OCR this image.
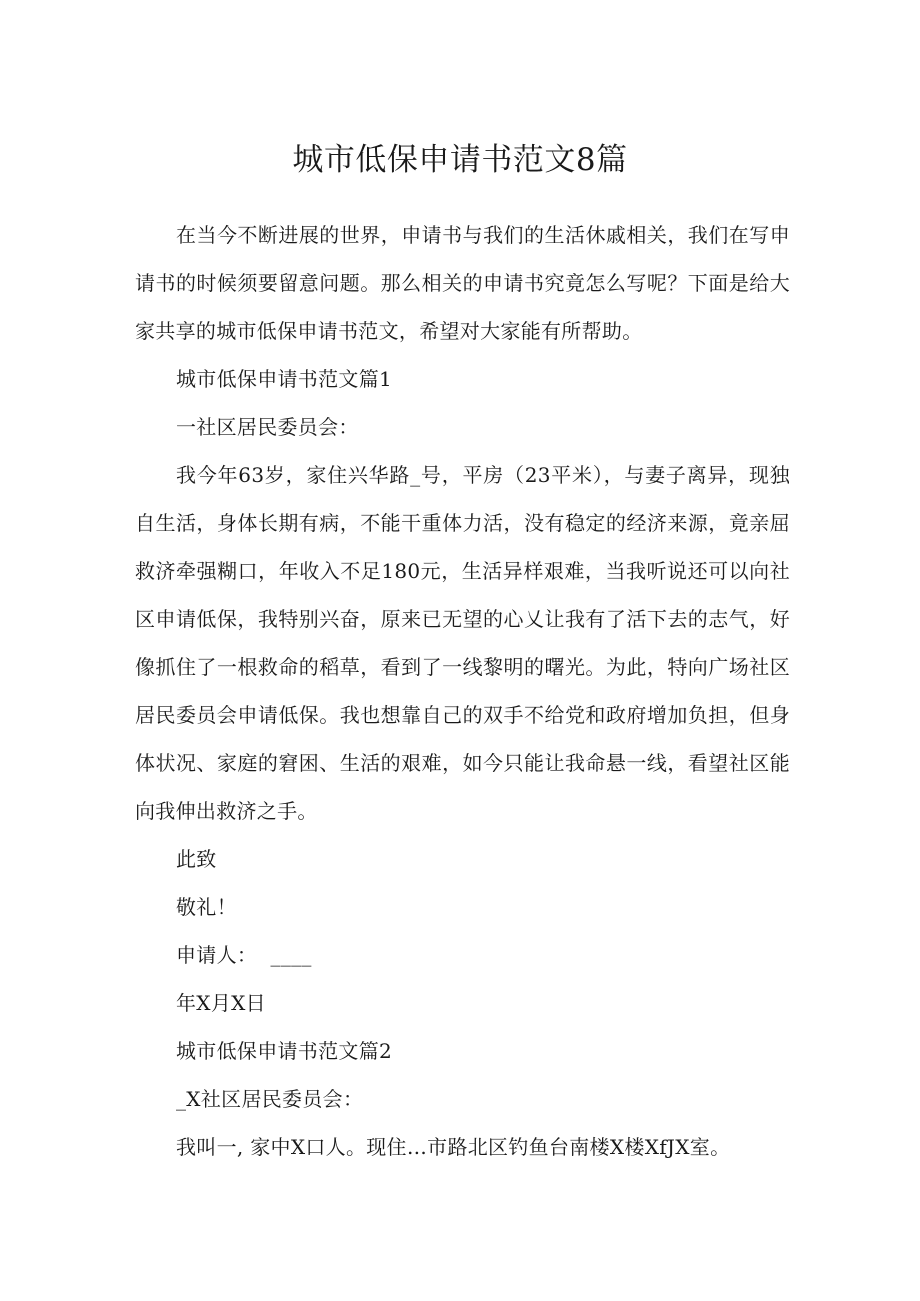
城市低保申请书范文8篇

在当今不断进展的世界，申请书与我们的生活休戚相关，我们在写申请书的时候须要留意问题。那么相关的申请书究竟怎么写呢？下面是给大家共享的城市低保申请书范文，希望对大家能有所帮助。

城市低保申请书范文篇1

一社区居民委员会：

我今年63岁，家住兴华路_号，平房（23平米），与妻子离异，现独自生活，身体长期有病，不能干重体力活，没有稳定的经济来源，竟亲屈救济牵强糊口，年收入不足180元，生活异样艰难，当我听说还可以向社区申请低保，我特别兴奋，原来已无望的心乂让我有了活下去的志气，好像抓住了一根救命的稻草，看到了一线黎明的曙光。为此，特向广场社区居民委员会申请低保。我也想靠自己的双手不给党和政府增加负担，但身体状况、家庭的窘困、生活的艰难，如今只能让我命悬一线，看望社区能向我伸出救济之手。

此致

敬礼！

申请人：  ____

年X月X日

城市低保申请书范文篇2

_X社区居民委员会：

我叫一, 家中X口人。现住…市路北区钓鱼台南楼X楼XfJX室。
